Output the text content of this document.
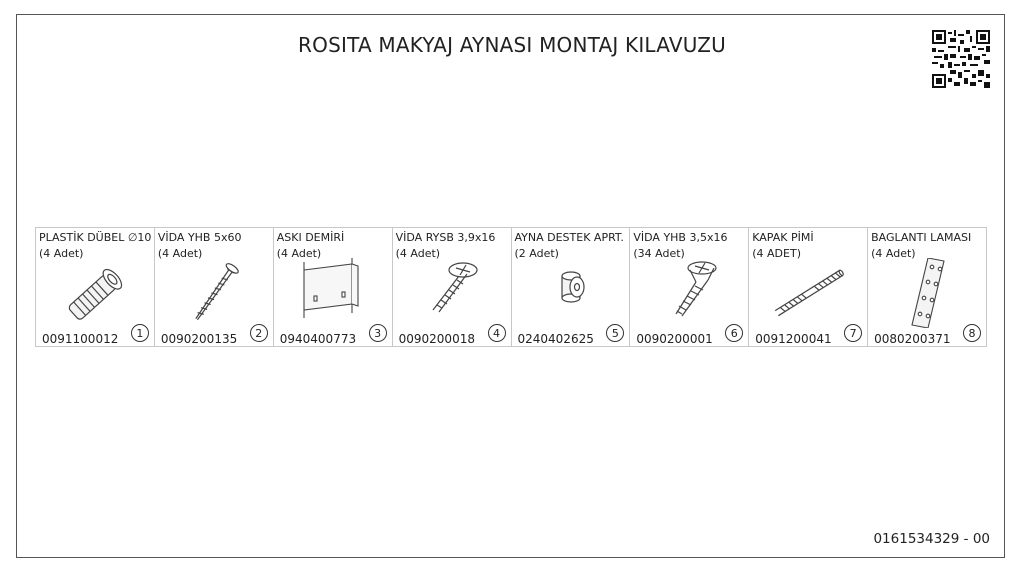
ROSITA MAKYAJ AYNASI MONTAJ KILAVUZU
PLASTİK DÜBEL ∅10
(4 Adet)
0091100012	1
VİDA YHB 5x60
(4 Adet)
0090200135	2
ASKI DEMİRİ
(4 Adet)
0940400773	3
VİDA RYSB 3,9x16
(4 Adet)
0090200018	4
AYNA DESTEK APRT.
(2 Adet)
0240402625	5
VİDA YHB 3,5x16
(34 Adet)
0090200001	6
KAPAK PİMİ
(4 ADET)
0091200041	7
BAGLANTI LAMASI
(4 Adet)
0080200371	8
0161534329 - 00
